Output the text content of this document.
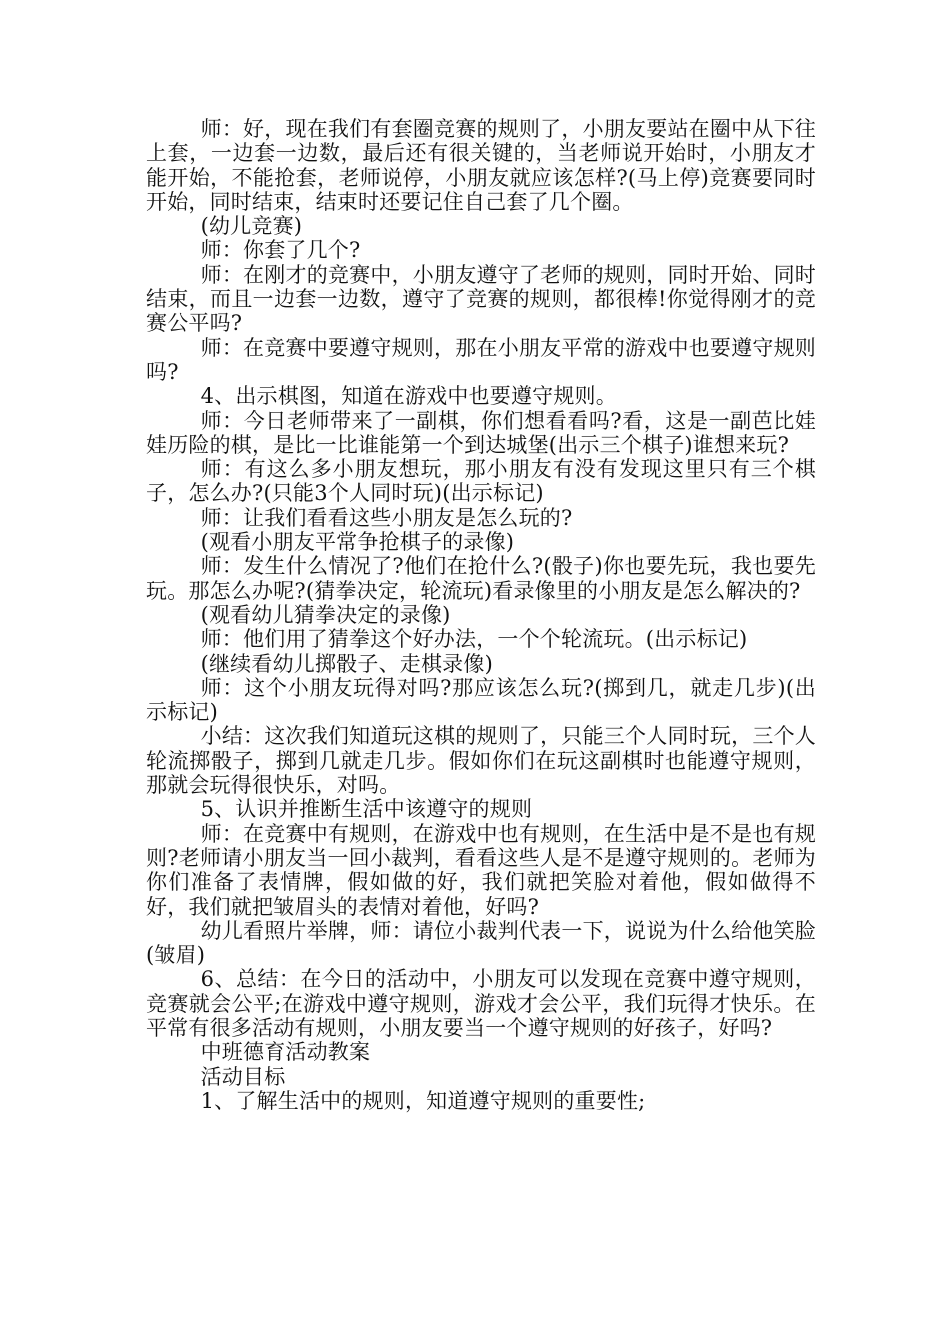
师：好，现在我们有套圈竞赛的规则了，小朋友要站在圈中从下往上套，一边套一边数，最后还有很关键的，当老师说开始时，小朋友才能开始，不能抢套，老师说停，小朋友就应该怎样?(马上停)竞赛要同时开始，同时结束，结束时还要记住自己套了几个圈。

(幼儿竞赛)

师：你套了几个?

师：在刚才的竞赛中，小朋友遵守了老师的规则，同时开始、同时结束，而且一边套一边数，遵守了竞赛的规则，都很棒!你觉得刚才的竞赛公平吗?

师：在竞赛中要遵守规则，那在小朋友平常的游戏中也要遵守规则吗?

4、出示棋图，知道在游戏中也要遵守规则。

师：今日老师带来了一副棋，你们想看看吗?看，这是一副芭比娃娃历险的棋，是比一比谁能第一个到达城堡(出示三个棋子)谁想来玩?

师：有这么多小朋友想玩，那小朋友有没有发现这里只有三个棋子，怎么办?(只能3个人同时玩)(出示标记)

师：让我们看看这些小朋友是怎么玩的?

(观看小朋友平常争抢棋子的录像)

师：发生什么情况了?他们在抢什么?(骰子)你也要先玩，我也要先玩。那怎么办呢?(猜拳决定，轮流玩)看录像里的小朋友是怎么解决的?

(观看幼儿猜拳决定的录像)

师：他们用了猜拳这个好办法，一个个轮流玩。(出示标记)

(继续看幼儿掷骰子、走棋录像)

师：这个小朋友玩得对吗?那应该怎么玩?(掷到几，就走几步)(出示标记)

小结：这次我们知道玩这棋的规则了，只能三个人同时玩，三个人轮流掷骰子，掷到几就走几步。假如你们在玩这副棋时也能遵守规则，那就会玩得很快乐，对吗。

5、认识并推断生活中该遵守的规则

师：在竞赛中有规则，在游戏中也有规则，在生活中是不是也有规则?老师请小朋友当一回小裁判，看看这些人是不是遵守规则的。老师为你们准备了表情牌，假如做的好，我们就把笑脸对着他，假如做得不好，我们就把皱眉头的表情对着他，好吗?

幼儿看照片举牌，师：请位小裁判代表一下，说说为什么给他笑脸(皱眉)

6、总结：在今日的活动中，小朋友可以发现在竞赛中遵守规则，竞赛就会公平;在游戏中遵守规则，游戏才会公平，我们玩得才快乐。在平常有很多活动有规则，小朋友要当一个遵守规则的好孩子，好吗?

中班德育活动教案

活动目标

1、了解生活中的规则，知道遵守规则的重要性;
